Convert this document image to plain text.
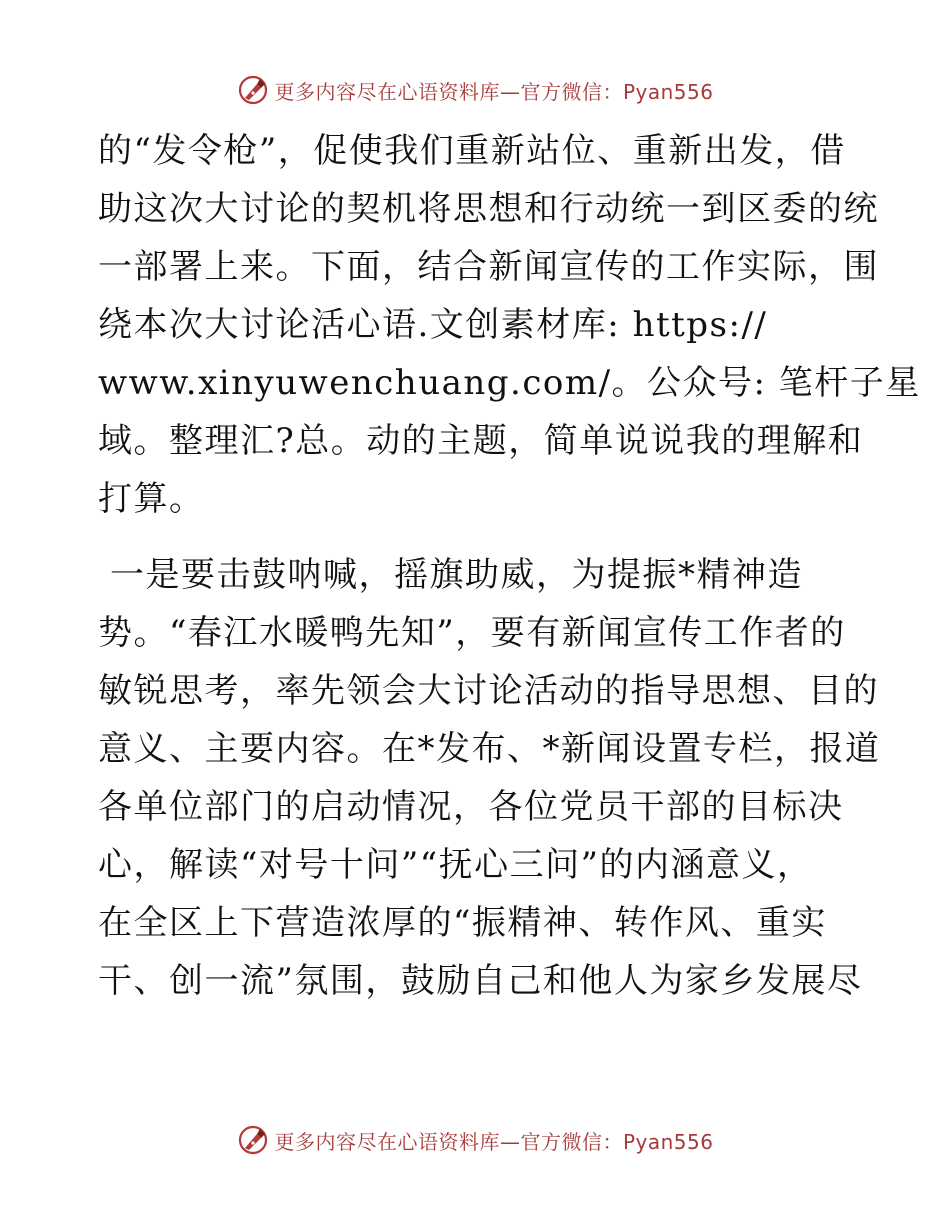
更多内容尽在心语资料库—官方微信：Pyan556
的“发令枪”，促使我们重新站位、重新出发，借
助这次大讨论的契机将思想和行动统一到区委的统
一部署上来。下面，结合新闻宣传的工作实际，围
绕本次大讨论活心语.文创素材库: https://
www.xinyuwenchuang.com/。公众号: 笔杆子星
域。整理汇?总。动的主题，简单说说我的理解和
打算。
一是要击鼓呐喊，摇旗助威，为提振*精神造
势。“春江水暖鸭先知”，要有新闻宣传工作者的
敏锐思考，率先领会大讨论活动的指导思想、目的
意义、主要内容。在*发布、*新闻设置专栏，报道
各单位部门的启动情况，各位党员干部的目标决
心，解读“对号十问”“抚心三问”的内涵意义，
在全区上下营造浓厚的“振精神、转作风、重实
干、创一流”氛围，鼓励自己和他人为家乡发展尽
更多内容尽在心语资料库—官方微信：Pyan556
